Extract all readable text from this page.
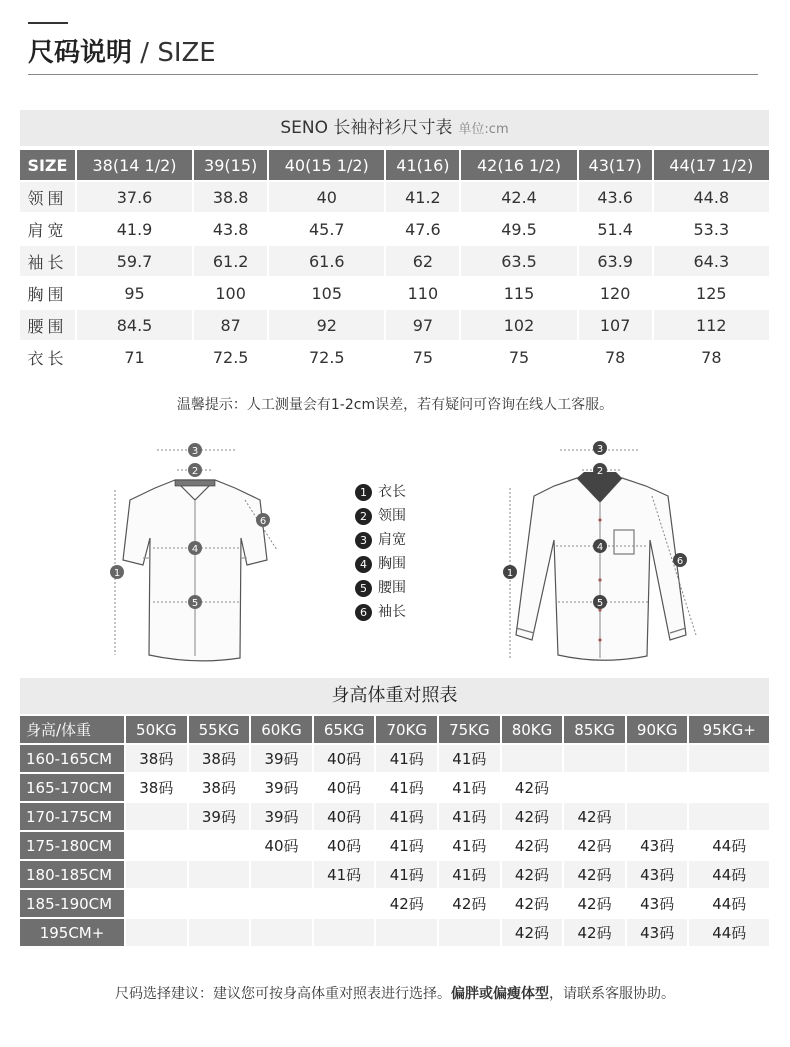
尺码说明 / SIZE
SENO 长袖衬衫尺寸表 单位:cm
SIZE	38(14 1/2)	39(15)	40(15 1/2)	41(16)	42(16 1/2)	43(17)	44(17 1/2)
领围	37.6	38.8	40	41.2	42.4	43.6	44.8
肩宽	41.9	43.8	45.7	47.6	49.5	51.4	53.3
袖长	59.7	61.2	61.6	62	63.5	63.9	64.3
胸围	95	100	105	110	115	120	125
腰围	84.5	87	92	97	102	107	112
衣长	71	72.5	72.5	75	75	78	78
温馨提示：人工测量会有1-2cm误差，若有疑问可咨询在线人工客服。
3
2
4
5
1
6
1 衣长
2 领围
3 肩宽
4 胸围
5 腰围
6 袖长
3
2
4
5
1
6
身高体重对照表
身高/体重	50KG	55KG	60KG	65KG	70KG	75KG	80KG	85KG	90KG	95KG+
160-165CM	38码	38码	39码	40码	41码	41码				
165-170CM	38码	38码	39码	40码	41码	41码	42码			
170-175CM		39码	39码	40码	41码	41码	42码	42码		
175-180CM			40码	40码	41码	41码	42码	42码	43码	44码
180-185CM				41码	41码	41码	42码	42码	43码	44码
185-190CM					42码	42码	42码	42码	43码	44码
195CM+							42码	42码	43码	44码
尺码选择建议：建议您可按身高体重对照表进行选择。偏胖或偏瘦体型，请联系客服协助。
